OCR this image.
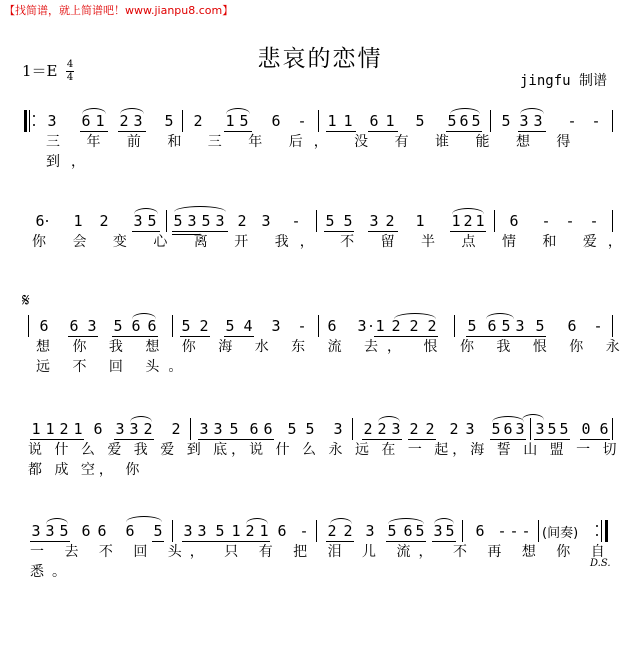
【找简谱，就上简谱吧！www.jianpu8.com】
悲哀的恋情
1＝E 4
4	jingfu 制谱
𝄋
D.S.
3 6 1 2 3 5 2 1 5 6 - 1 1 6 1 5 5 6 5 5 3 3 - -
三 年 前 和 三 年 后， 没 有 谁 能 想 得 到，
6 1 2 3 5 5 3 5 3 2 3 - 5 5 3 2 1 1 2 1 6 - - -
你 会 变 心 离 开 我， 不 留 半 点 情 和 爱，
6 6 3 5 6 6 5 2 5 4 3 - 6 3 1 2 2 2 5 6 5 3 5 6 -
想 你 我 想 你 海 水 东 流 去， 恨 你 我 恨 你 永 远 不 回 头。
1 1 2 1 6 3 3 2 2 3 3 5 6 6 5 5 3 2 2 3 2 2 2 3 5 6 3 3 5 5 0 6
说 什 么 爱 我 爱 到 底，说 什 么 永 远 在 一 起，海 誓 山 盟 一 切 都 成 空， 你
3 3 5 6 6 6 5 3 3 5 1 2 1 6 - 2 2 3 5 6 5 3 5 6 - - - (间奏)
一 去 不 回 头， 只 有 把 泪 儿 流， 不 再 想 你 自 悉。
